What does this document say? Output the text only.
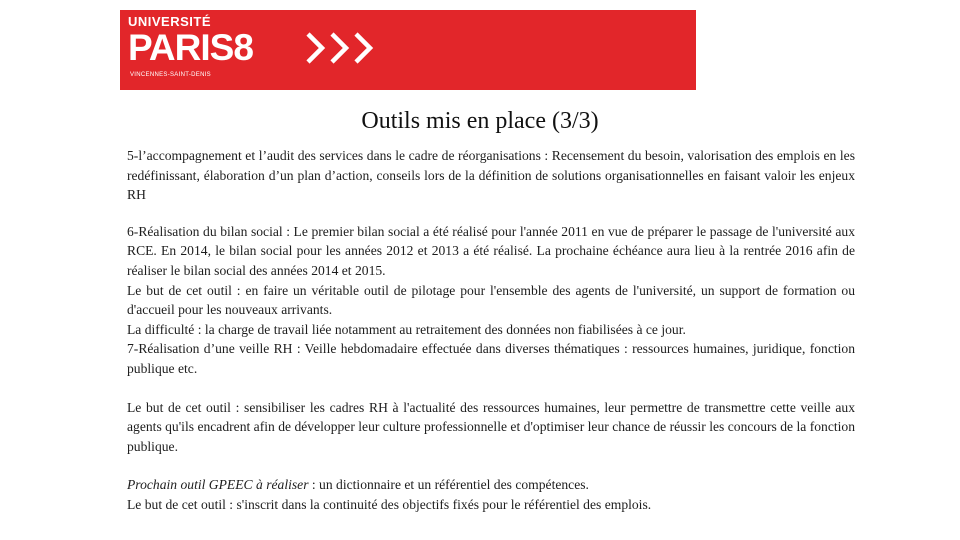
UNIVERSITÉ
PARIS8
VINCENNES-SAINT-DENIS
Outils mis en place (3/3)

5-l’accompagnement et l’audit des services dans le cadre de réorganisations : Recensement du besoin, valorisation des emplois en les redéfinissant, élaboration d’un plan d’action, conseils lors de la définition de solutions organisationnelles en faisant valoir les enjeux RH

6-Réalisation du bilan social : Le premier bilan social a été réalisé pour l'année 2011 en vue de préparer le passage de l'université aux RCE. En 2014, le bilan social pour les années 2012 et 2013 a été réalisé. La prochaine échéance aura lieu à la rentrée 2016 afin de réaliser le bilan social des années 2014 et 2015.

Le but de cet outil : en faire un véritable outil de pilotage pour l'ensemble des agents de l'université, un support de formation ou d'accueil pour les nouveaux arrivants.

La difficulté : la charge de travail liée notamment au retraitement des données non fiabilisées à ce jour.

7-Réalisation d’une veille RH : Veille hebdomadaire effectuée dans diverses thématiques : ressources humaines, juridique, fonction publique etc.

Le but de cet outil : sensibiliser les cadres RH à l'actualité des ressources humaines, leur permettre de transmettre cette veille aux agents qu'ils encadrent afin de développer leur culture professionnelle et d'optimiser leur chance de réussir les concours de la fonction publique.

Prochain outil GPEEC à réaliser : un dictionnaire et un référentiel des compétences.

Le but de cet outil : s'inscrit dans la continuité des objectifs fixés pour le référentiel des emplois.
